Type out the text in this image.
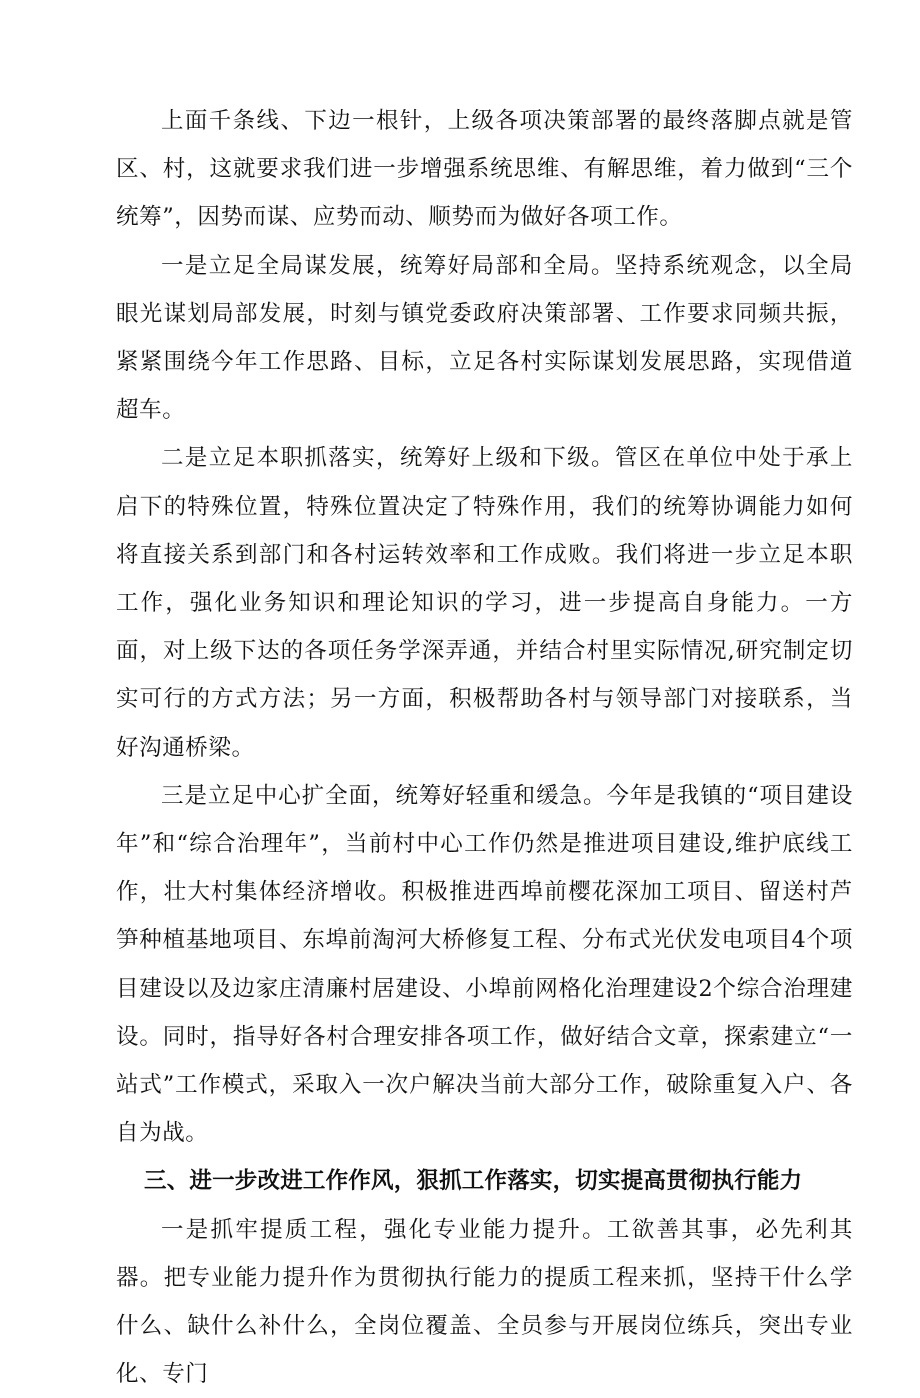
上面千条线、下边一根针，上级各项决策部署的最终落脚点就是管区、村，这就要求我们进一步增强系统思维、有解思维，着力做到“三个统筹”，因势而谋、应势而动、顺势而为做好各项工作。

一是立足全局谋发展，统筹好局部和全局。坚持系统观念，以全局眼光谋划局部发展，时刻与镇党委政府决策部署、工作要求同频共振，紧紧围绕今年工作思路、目标，立足各村实际谋划发展思路，实现借道超车。

二是立足本职抓落实，统筹好上级和下级。管区在单位中处于承上启下的特殊位置，特殊位置决定了特殊作用，我们的统筹协调能力如何将直接关系到部门和各村运转效率和工作成败。我们将进一步立足本职工作，强化业务知识和理论知识的学习，进一步提高自身能力。一方面，对上级下达的各项任务学深弄通，并结合村里实际情况,研究制定切实可行的方式方法；另一方面，积极帮助各村与领导部门对接联系，当好沟通桥梁。

三是立足中心扩全面，统筹好轻重和缓急。今年是我镇的“项目建设年”和“综合治理年”，当前村中心工作仍然是推进项目建设,维护底线工作，壮大村集体经济增收。积极推进西埠前樱花深加工项目、留送村芦笋种植基地项目、东埠前淘河大桥修复工程、分布式光伏发电项目4个项目建设以及边家庄清廉村居建设、小埠前网格化治理建设2个综合治理建设。同时，指导好各村合理安排各项工作，做好结合文章，探索建立“一站式”工作模式，采取入一次户解决当前大部分工作，破除重复入户、各自为战。

三、进一步改进工作作风，狠抓工作落实，切实提高贯彻执行能力

一是抓牢提质工程，强化专业能力提升。工欲善其事，必先利其器。把专业能力提升作为贯彻执行能力的提质工程来抓，坚持干什么学什么、缺什么补什么，全岗位覆盖、全员参与开展岗位练兵，突出专业化、专门
